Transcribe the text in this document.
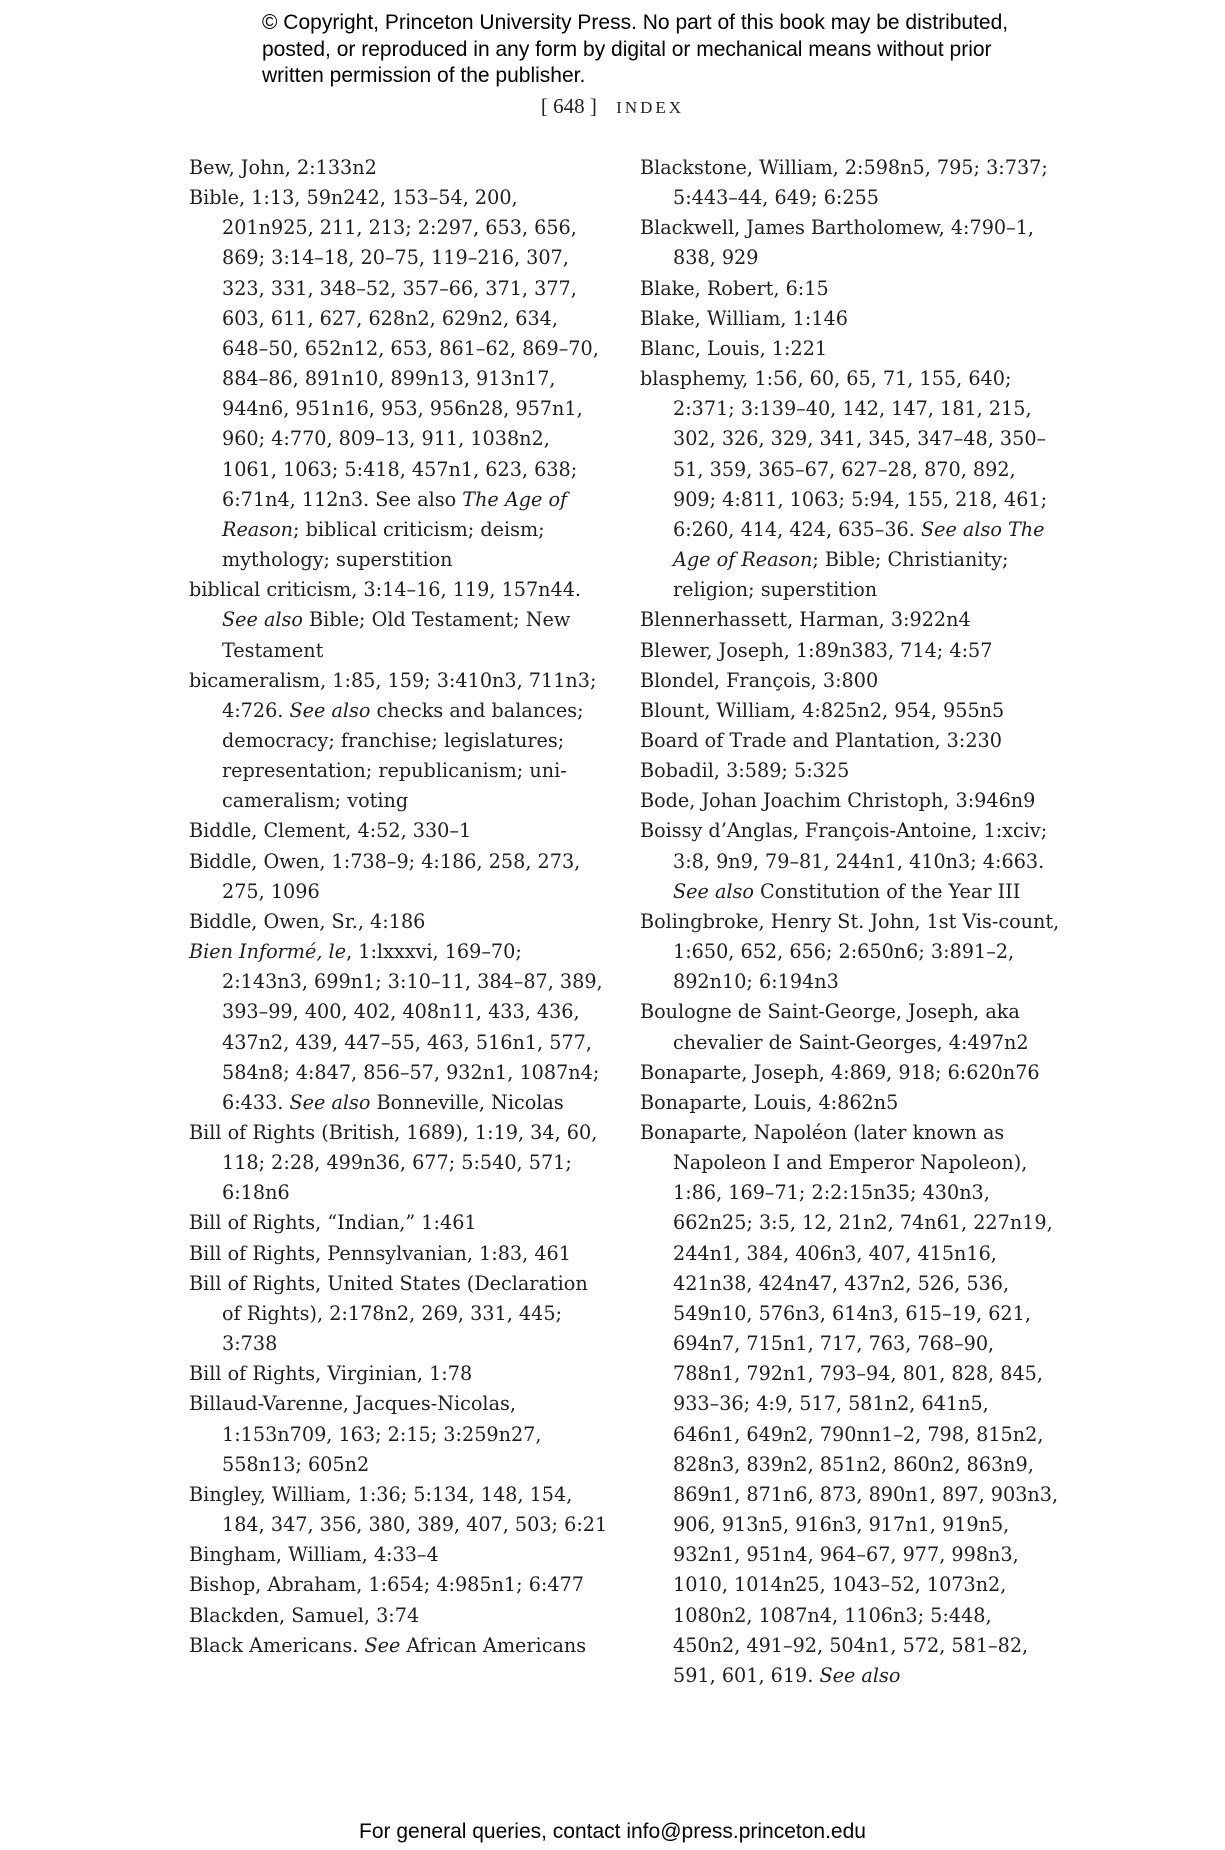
© Copyright, Princeton University Press. No part of this book may be distributed, posted, or reproduced in any form by digital or mechanical means without prior written permission of the publisher.
[ 648 ] INDEX

Bew, John, 2:133n2

Bible, 1:13, 59n242, 153–54, 200, 201n925, 211, 213; 2:297, 653, 656, 869; 3:14–18, 20–75, 119–216, 307, 323, 331, 348–52, 357–66, 371, 377, 603, 611, 627, 628n2, 629n2, 634, 648–50, 652n12, 653, 861–62, 869–70, 884–86, 891n10, 899n13, 913n17, 944n6, 951n16, 953, 956n28, 957n1, 960; 4:770, 809–13, 911, 1038n2, 1061, 1063; 5:418, 457n1, 623, 638; 6:71n4, 112n3. See also The Age of Reason; biblical criticism; deism; mythology; superstition

biblical criticism, 3:14–16, 119, 157n44. See also Bible; Old Testament; New Testament

bicameralism, 1:85, 159; 3:410n3, 711n3; 4:726. See also checks and balances; democracy; franchise; legislatures; representation; republicanism; uni-cameralism; voting

Biddle, Clement, 4:52, 330–1

Biddle, Owen, 1:738–9; 4:186, 258, 273, 275, 1096

Biddle, Owen, Sr., 4:186

Bien Informé, le, 1:lxxxvi, 169–70; 2:143n3, 699n1; 3:10–11, 384–87, 389, 393–99, 400, 402, 408n11, 433, 436, 437n2, 439, 447–55, 463, 516n1, 577, 584n8; 4:847, 856–57, 932n1, 1087n4; 6:433. See also Bonneville, Nicolas

Bill of Rights (British, 1689), 1:19, 34, 60, 118; 2:28, 499n36, 677; 5:540, 571; 6:18n6

Bill of Rights, “Indian,” 1:461

Bill of Rights, Pennsylvanian, 1:83, 461

Bill of Rights, United States (Declaration of Rights), 2:178n2, 269, 331, 445; 3:738

Bill of Rights, Virginian, 1:78

Billaud-Varenne, Jacques-Nicolas, 1:153n709, 163; 2:15; 3:259n27, 558n13; 605n2

Bingley, William, 1:36; 5:134, 148, 154, 184, 347, 356, 380, 389, 407, 503; 6:21

Bingham, William, 4:33–4

Bishop, Abraham, 1:654; 4:985n1; 6:477

Blackden, Samuel, 3:74

Black Americans. See African Americans

Blackstone, William, 2:598n5, 795; 3:737; 5:443–44, 649; 6:255

Blackwell, James Bartholomew, 4:790–1, 838, 929

Blake, Robert, 6:15

Blake, William, 1:146

Blanc, Louis, 1:221

blasphemy, 1:56, 60, 65, 71, 155, 640; 2:371; 3:139–40, 142, 147, 181, 215, 302, 326, 329, 341, 345, 347–48, 350–51, 359, 365–67, 627–28, 870, 892, 909; 4:811, 1063; 5:94, 155, 218, 461; 6:260, 414, 424, 635–36. See also The Age of Reason; Bible; Christianity; religion; superstition

Blennerhassett, Harman, 3:922n4

Blewer, Joseph, 1:89n383, 714; 4:57

Blondel, François, 3:800

Blount, William, 4:825n2, 954, 955n5

Board of Trade and Plantation, 3:230

Bobadil, 3:589; 5:325

Bode, Johan Joachim Christoph, 3:946n9

Boissy d’Anglas, François-Antoine, 1:xciv; 3:8, 9n9, 79–81, 244n1, 410n3; 4:663. See also Constitution of the Year III

Bolingbroke, Henry St. John, 1st Vis-count, 1:650, 652, 656; 2:650n6; 3:891–2, 892n10; 6:194n3

Boulogne de Saint-George, Joseph, aka chevalier de Saint-Georges, 4:497n2

Bonaparte, Joseph, 4:869, 918; 6:620n76

Bonaparte, Louis, 4:862n5

Bonaparte, Napoléon (later known as Napoleon I and Emperor Napoleon), 1:86, 169–71; 2:2:15n35; 430n3, 662n25; 3:5, 12, 21n2, 74n61, 227n19, 244n1, 384, 406n3, 407, 415n16, 421n38, 424n47, 437n2, 526, 536, 549n10, 576n3, 614n3, 615–19, 621, 694n7, 715n1, 717, 763, 768–90, 788n1, 792n1, 793–94, 801, 828, 845, 933–36; 4:9, 517, 581n2, 641n5, 646n1, 649n2, 790nn1–2, 798, 815n2, 828n3, 839n2, 851n2, 860n2, 863n9, 869n1, 871n6, 873, 890n1, 897, 903n3, 906, 913n5, 916n3, 917n1, 919n5, 932n1, 951n4, 964–67, 977, 998n3, 1010, 1014n25, 1043–52, 1073n2, 1080n2, 1087n4, 1106n3; 5:448, 450n2, 491–92, 504n1, 572, 581–82, 591, 601, 619. See also

For general queries, contact info@press.princeton.edu
